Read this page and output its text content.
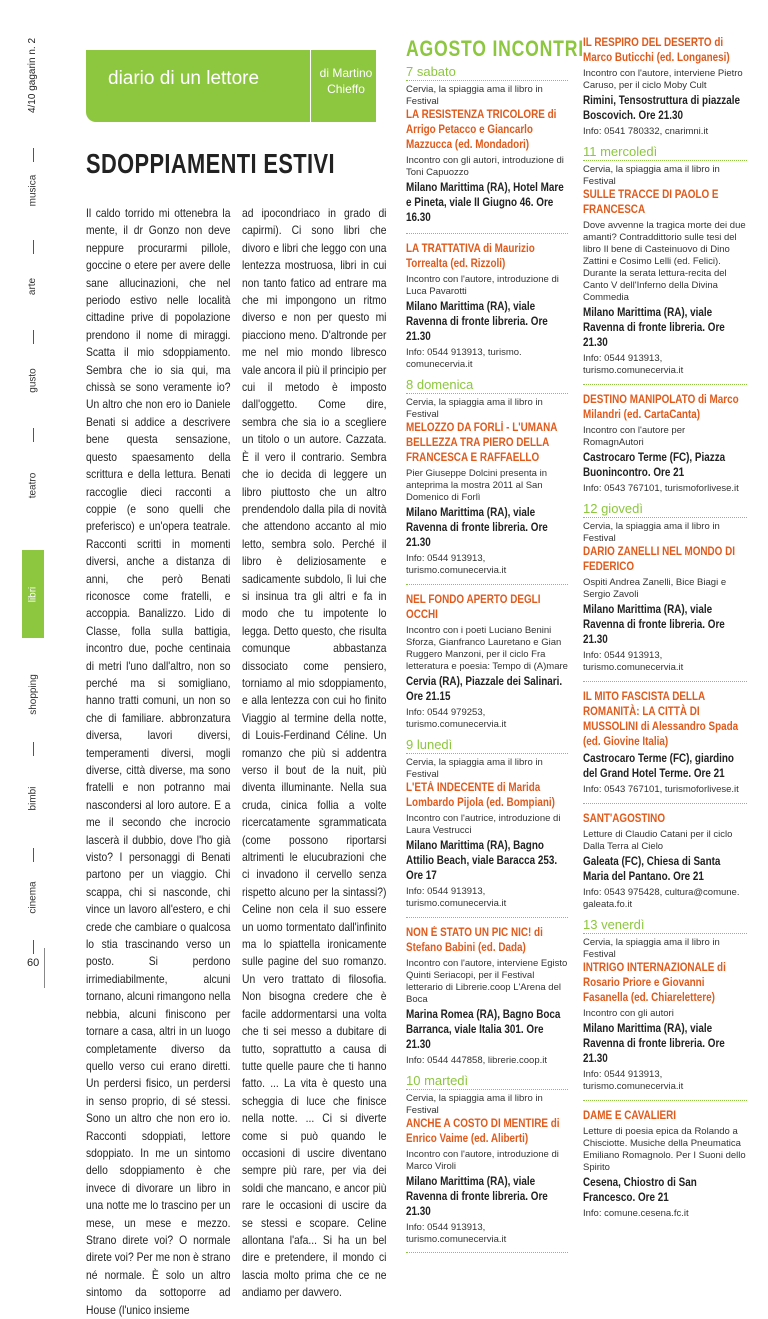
4/10 gagarin n. 2
musica
arte
gusto
teatro
libri
shopping
bimbi
cinema
60
diario di un lettore	di Martino Chieffo
SDOPPIAMENTI ESTIVI
Il caldo torrido mi ottenebra la mente, il dr Gonzo non deve neppure procurarmi pillole, goccine o etere per avere delle sane allucinazioni, che nel periodo estivo nelle località cittadine prive di popolazione prendono il nome di miraggi. Scatta il mio sdoppiamento. Sembra che io sia qui, ma chissà se sono veramente io? Un altro che non ero io Daniele Benati si addice a descrivere bene questa sensazione, questo spaesamento della scrittura e della lettura. Benati raccoglie dieci racconti a coppie (e sono quelli che preferisco) e un'opera teatrale. Racconti scritti in momenti diversi, anche a distanza di anni, che però Benati riconosce come fratelli, e accoppia. Banalizzo. Lido di Classe, folla sulla battigia, incontro due, poche centinaia di metri l'uno dall'altro, non so perché ma si somigliano, hanno tratti comuni, un non so che di familiare. abbronzatura diversa, lavori diversi, temperamenti diversi, mogli diverse, città diverse, ma sono fratelli e non potranno mai nascondersi al loro autore. E a me il secondo che incrocio lascerà il dubbio, dove l'ho già visto? I personaggi di Benati partono per un viaggio. Chi scappa, chi si nasconde, chi vince un lavoro all'estero, e chi crede che cambiare o qualcosa lo stia trascinando verso un posto. Si perdono irrimediabilmente, alcuni tornano, alcuni rimangono nella nebbia, alcuni finiscono per tornare a casa, altri in un luogo completamente diverso da quello verso cui erano diretti. Un perdersi fisico, un perdersi in senso proprio, di sé stessi. Sono un altro che non ero io. Racconti sdoppiati, lettore sdoppiato. In me un sintomo dello sdoppiamento è che invece di divorare un libro in una notte me lo trascino per un mese, un mese e mezzo. Strano direte voi? O normale direte voi? Per me non è strano né normale. È solo un altro sintomo da sottoporre ad House (l'unico insieme
ad ipocondriaco in grado di capirmi). Ci sono libri che divoro e libri che leggo con una lentezza mostruosa, libri in cui non tanto fatico ad entrare ma che mi impongono un ritmo diverso e non per questo mi piacciono meno. D'altronde per me nel mio mondo libresco vale ancora il più il principio per cui il metodo è imposto dall'oggetto. Come dire, sembra che sia io a scegliere un titolo o un autore. Cazzata. È il vero il contrario. Sembra che io decida di leggere un libro piuttosto che un altro prendendolo dalla pila di novità che attendono accanto al mio letto, sembra solo. Perché il libro è deliziosamente e sadicamente subdolo, lì lui che si insinua tra gli altri e fa in modo che tu impotente lo legga. Detto questo, che risulta comunque abbastanza dissociato come pensiero, torniamo al mio sdoppiamento, e alla lentezza con cui ho finito Viaggio al termine della notte, di Louis-Ferdinand Céline. Un romanzo che più si addentra verso il bout de la nuit, più diventa illuminante. Nella sua cruda, cinica follia a volte ricercatamente sgrammaticata (come possono riportarsi altrimenti le elucubrazioni che ci invadono il cervello senza rispetto alcuno per la sintassi?) Celine non cela il suo essere un uomo tormentato dall'infinito ma lo spiattella ironicamente sulle pagine del suo romanzo. Un vero trattato di filosofia. Non bisogna credere che è facile addormentarsi una volta che ti sei messo a dubitare di tutto, soprattutto a causa di tutte quelle paure che ti hanno fatto. ... La vita è questo una scheggia di luce che finisce nella notte. ... Ci si diverte come si può quando le occasioni di uscire diventano sempre più rare, per via dei soldi che mancano, e ancor più rare le occasioni di uscire da se stessi e scopare. Celine allontana l'afa... Si ha un bel dire e pretendere, il mondo ci lascia molto prima che ce ne andiamo per davvero.
AGOSTO INCONTRI
7 sabato
Cervia, la spiaggia ama il libro in Festival
LA RESISTENZA TRICOLORE di Arrigo Petacco e Giancarlo Mazzucca (ed. Mondadori)
Incontro con gli autori, introduzione di Toni Capuozzo
Milano Marittima (RA), Hotel Mare e Pineta, viale II Giugno 46. Ore 16.30
LA TRATTATIVA di Maurizio Torrealta (ed. Rizzoli)
Incontro con l'autore, introduzione di Luca Pavarotti
Milano Marittima (RA), viale Ravenna di fronte libreria. Ore 21.30
Info: 0544 913913, turismo. comunecervia.it
8 domenica
Cervia, la spiaggia ama il libro in Festival
MELOZZO DA FORLÌ - L'UMANA BELLEZZA TRA PIERO DELLA FRANCESCA E RAFFAELLO
Pier Giuseppe Dolcini presenta in anteprima la mostra 2011 al San Domenico di Forlì
Milano Marittima (RA), viale Ravenna di fronte libreria. Ore 21.30
Info: 0544 913913, turismo.comunecervia.it
NEL FONDO APERTO DEGLI OCCHI
Incontro con i poeti Luciano Benini Sforza, Gianfranco Lauretano e Gian Ruggero Manzoni, per il ciclo Fra letteratura e poesia: Tempo di (A)mare
Cervia (RA), Piazzale dei Salinari. Ore 21.15
Info: 0544 979253, turismo.comunecervia.it
9 lunedì
Cervia, la spiaggia ama il libro in Festival
L'ETÀ INDECENTE di Marida Lombardo Pijola (ed. Bompiani)
Incontro con l'autrice, introduzione di Laura Vestrucci
Milano Marittima (RA), Bagno Attilio Beach, viale Baracca 253. Ore 17
Info: 0544 913913, turismo.comunecervia.it
NON È STATO UN PIC NIC! di Stefano Babini (ed. Dada)
Incontro con l'autore, interviene Egisto Quinti Seriacopi, per il Festival letterario di Librerie.coop L'Arena del Boca
Marina Romea (RA), Bagno Boca Barranca, viale Italia 301. Ore 21.30
Info: 0544 447858, librerie.coop.it
10 martedì
Cervia, la spiaggia ama il libro in Festival
ANCHE A COSTO DI MENTIRE di Enrico Vaime (ed. Aliberti)
Incontro con l'autore, introduzione di Marco Viroli
Milano Marittima (RA), viale Ravenna di fronte libreria. Ore 21.30
Info: 0544 913913, turismo.comunecervia.it
IL RESPIRO DEL DESERTO di Marco Buticchi (ed. Longanesi)
Incontro con l'autore, interviene Pietro Caruso, per il ciclo Moby Cult
Rimini, Tensostruttura di piazzale Boscovich. Ore 21.30
Info: 0541 780332, cnarimni.it
11 mercoledì
Cervia, la spiaggia ama il libro in Festival
SULLE TRACCE DI PAOLO E FRANCESCA
Dove avvenne la tragica morte dei due amanti? Contraddittorio sulle tesi del libro Il bene di Casteinuovo di Dino Zattini e Cosimo Lelli (ed. Felici). Durante la serata lettura-recita del Canto V dell'Inferno della Divina Commedia
Milano Marittima (RA), viale Ravenna di fronte libreria. Ore 21.30
Info: 0544 913913, turismo.comunecervia.it
DESTINO MANIPOLATO di Marco Milandri (ed. CartaCanta)
Incontro con l'autore per RomagnAutori
Castrocaro Terme (FC), Piazza Buonincontro. Ore 21
Info: 0543 767101, turismoforlivese.it
12 giovedì
Cervia, la spiaggia ama il libro in Festival
DARIO ZANELLI NEL MONDO DI FEDERICO
Ospiti Andrea Zanelli, Bice Biagi e Sergio Zavoli
Milano Marittima (RA), viale Ravenna di fronte libreria. Ore 21.30
Info: 0544 913913, turismo.comunecervia.it
IL MITO FASCISTA DELLA ROMANITÀ: LA CITTÀ DI MUSSOLINI di Alessandro Spada (ed. Giovine Italia)
Castrocaro Terme (FC), giardino del Grand Hotel Terme. Ore 21
Info: 0543 767101, turismoforlivese.it
SANT'AGOSTINO
Letture di Claudio Catani per il ciclo Dalla Terra al Cielo
Galeata (FC), Chiesa di Santa Maria del Pantano. Ore 21
Info: 0543 975428, cultura@comune. galeata.fo.it
13 venerdì
Cervia, la spiaggia ama il libro in Festival
INTRIGO INTERNAZIONALE di Rosario Priore e Giovanni Fasanella (ed. Chiarelettere)
Incontro con gli autori
Milano Marittima (RA), viale Ravenna di fronte libreria. Ore 21.30
Info: 0544 913913, turismo.comunecervia.it
DAME E CAVALIERI
Letture di poesia epica da Rolando a Chisciotte. Musiche della Pneumatica Emiliano Romagnolo. Per I Suoni dello Spirito
Cesena, Chiostro di San Francesco. Ore 21
Info: comune.cesena.fc.it
